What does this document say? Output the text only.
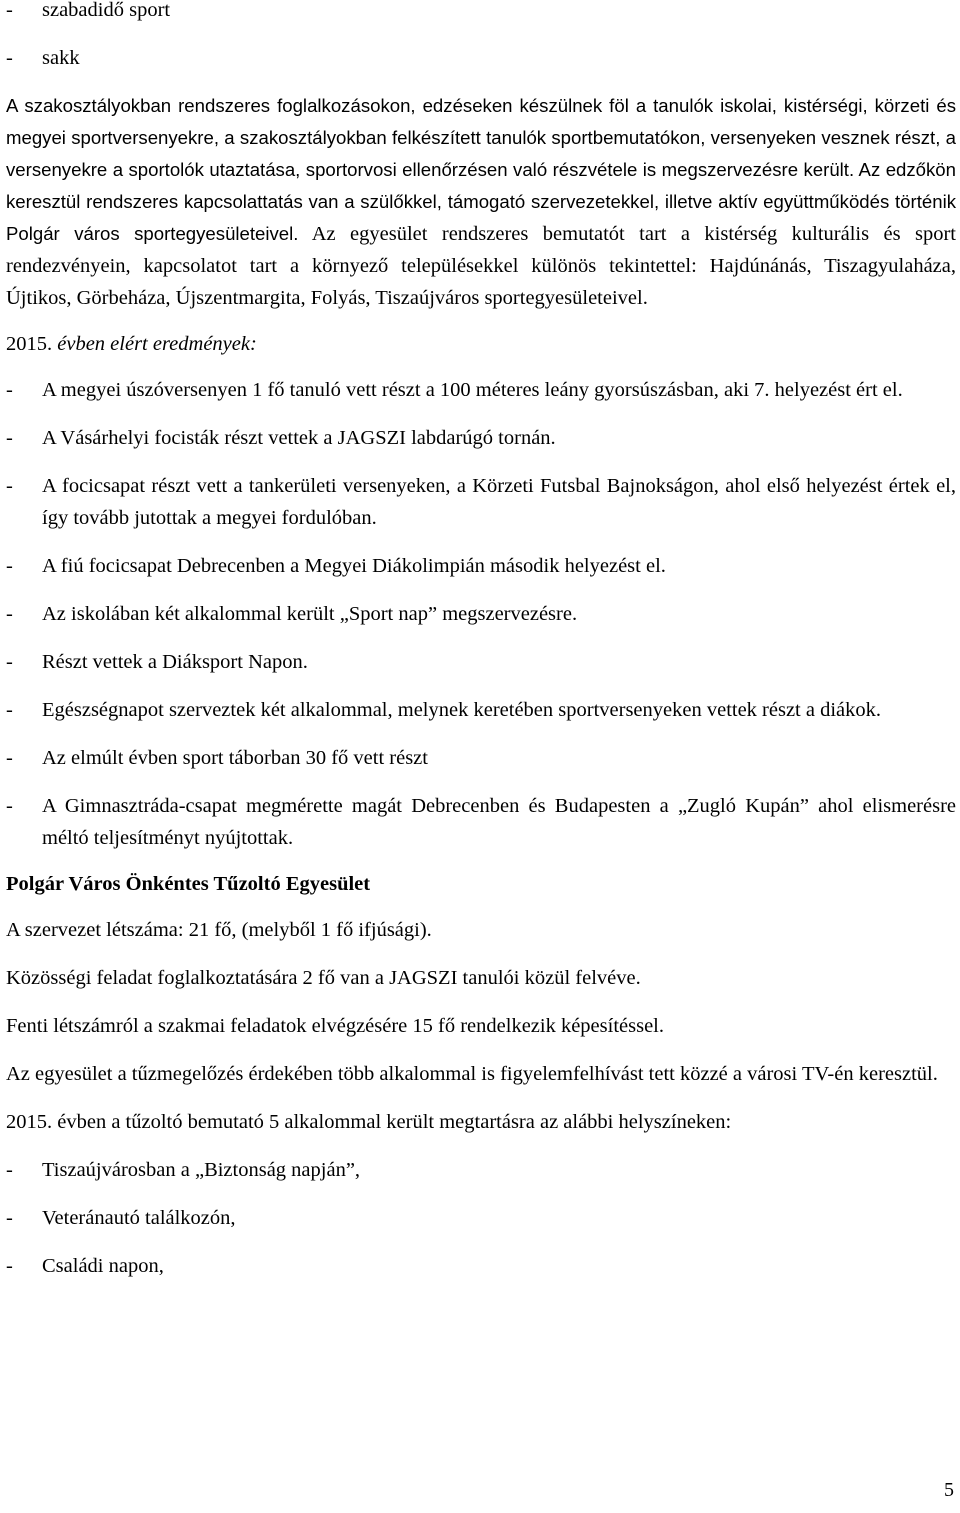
-	szabadidő sport
-	sakk

A szakosztályokban rendszeres foglalkozásokon, edzéseken készülnek föl a tanulók iskolai, kistérségi, körzeti és megyei sportversenyekre, a szakosztályokban felkészített tanulók sportbemutatókon, versenyeken vesznek részt, a versenyekre a sportolók utaztatása, sportorvosi ellenőrzésen való részvétele is megszervezésre került. Az edzőkön keresztül rendszeres kapcsolattatás van a szülőkkel, támogató szervezetekkel, illetve aktív együttműködés történik Polgár város sportegyesületeivel. Az egyesület rendszeres bemutatót tart a kistérség kulturális és sport rendezvényein, kapcsolatot tart a környező településekkel különös tekintettel: Hajdúnánás, Tiszagyulaháza, Újtikos, Görbeháza, Újszentmargita, Folyás, Tiszaújváros sportegyesületeivel.

2015. évben elért eredmények:
-	A megyei úszóversenyen 1 fő tanuló vett részt a 100 méteres leány gyorsúszásban, aki 7. helyezést ért el.
-	A Vásárhelyi focisták részt vettek a JAGSZI labdarúgó tornán.
-	A focicsapat részt vett a tankerületi versenyeken, a Körzeti Futsbal Bajnokságon, ahol első helyezést értek el, így tovább jutottak a megyei fordulóban.
-	A fiú focicsapat Debrecenben a Megyei Diákolimpián második helyezést el.
-	Az iskolában két alkalommal került „Sport nap” megszervezésre.
-	Részt vettek a Diáksport Napon.
-	Egészségnapot szerveztek két alkalommal, melynek keretében sportversenyeken vettek részt a diákok.
-	Az elmúlt évben sport táborban 30 fő vett részt
-	A Gimnasztráda-csapat megmérette magát Debrecenben és Budapesten a „Zugló Kupán” ahol elismerésre méltó teljesítményt nyújtottak.
Polgár Város Önkéntes Tűzoltó Egyesület

A szervezet létszáma: 21 fő, (melyből 1 fő ifjúsági).

Közösségi feladat foglalkoztatására 2 fő van a JAGSZI tanulói közül felvéve.

Fenti létszámról a szakmai feladatok elvégzésére 15 fő rendelkezik képesítéssel.

Az egyesület a tűzmegelőzés érdekében több alkalommal is figyelemfelhívást tett közzé a városi TV-én keresztül.

2015. évben a tűzoltó bemutató 5 alkalommal került megtartásra az alábbi helyszíneken:

-	Tiszaújvárosban a „Biztonság napján”,
-	Veteránautó találkozón,
-	Családi napon,
5
